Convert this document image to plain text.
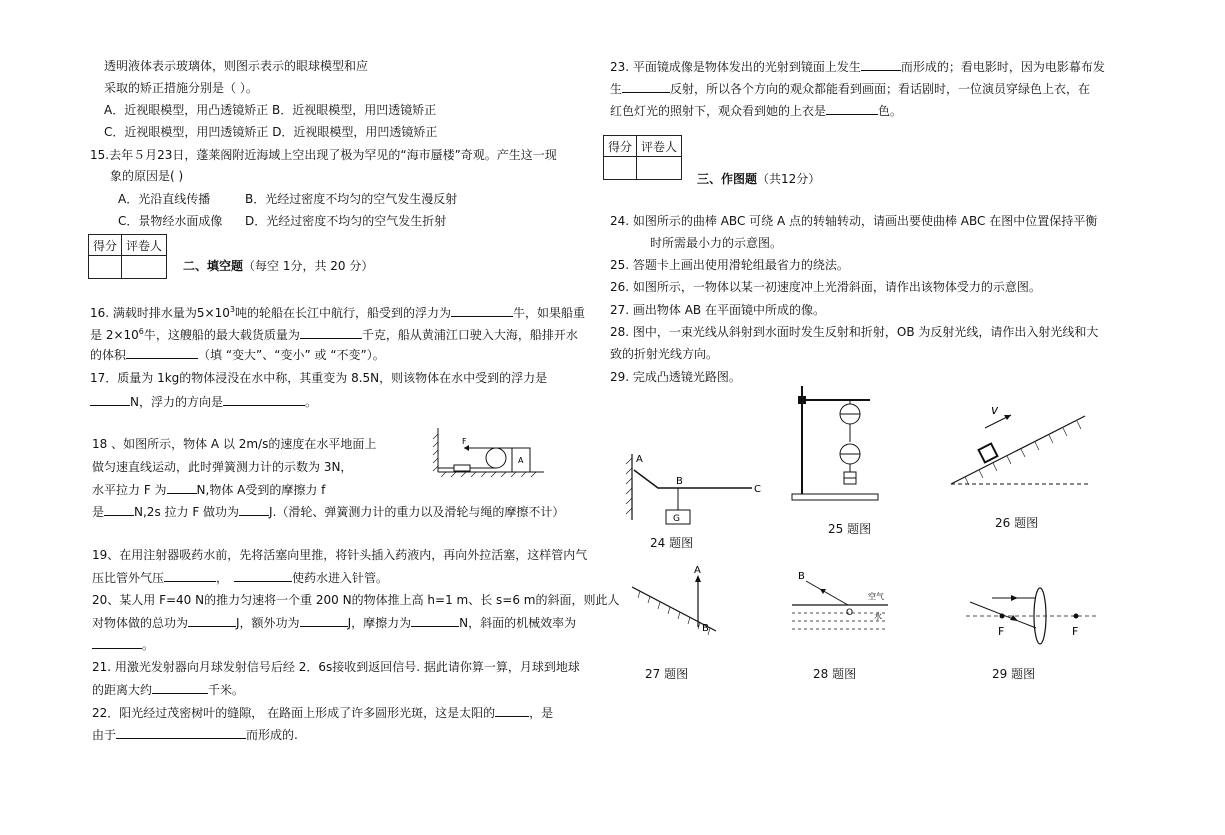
透明液体表示玻璃体，则图示表示的眼球模型和应
采取的矫正措施分别是（ ）。
A．近视眼模型，用凸透镜矫正 B．近视眼模型，用凹透镜矫正
C．近视眼模型，用凹透镜矫正 D．近视眼模型，用凹透镜矫正
15.去年５月23日，蓬莱阁附近海域上空出现了极为罕见的“海市蜃楼”奇观。产生这一现
象的原因是( )
A．光沿直线传播	B．光经过密度不均匀的空气发生漫反射
C．景物经水面成像 D．光经过密度不均匀的空气发生折射
得分	评卷人

二、填空题（每空 1分，共 20 分）
16. 满载时排水量为$5\times 10^3$吨的轮船在长江中航行，船受到的浮力为	牛，如果船重
是 $2\times 10^6$牛，这艘船的最大载货质量为	千克，船从黄浦江口驶入大海，船排开水
的体积	（填 “变大”、“变小” 或 “不变”）。
17．质量为 1kg的物体浸没在水中称，其重变为 8.5N，则该物体在水中受到的浮力是
N，浮力的方向是	。
18 、如图所示，物体 A 以 2m/s的速度在水平地面上
做匀速直线运动，此时弹簧测力计的示数为 3N，
水平拉力 F 为	N,物体 A受到的摩擦力 f
是	N,2s 拉力 F 做功为	J.（滑轮、弹簧测力计的重力以及滑轮与绳的摩擦不计）
F
A
19、在用注射器吸药水前，先将活塞向里推，将针头插入药液内，再向外拉活塞，这样管内气
压比管外气压	，	使药水进入针管。
20、某人用 F=40 N的推力匀速将一个重 200 N的物体推上高 h=1 m、长 s=6 m的斜面，则此人
对物体做的总功为	J，额外功为	J，摩擦力为	N，斜面的机械效率为
。
21. 用激光发射器向月球发射信号后经 2．6s接收到返回信号. 据此请你算一算，月球到地球
的距离大约	千米。
22．阳光经过茂密树叶的缝隙， 在路面上形成了许多圆形光斑，这是太阳的	，是
由于	而形成的.
23. 平面镜成像是物体发出的光射到镜面上发生	而形成的；看电影时，因为电影幕布发
生	反射，所以各个方向的观众都能看到画面；看话剧时，一位演员穿绿色上衣，在
红色灯光的照射下，观众看到她的上衣是	色。
得分	评卷人

三、作图题（共12分）
24. 如图所示的曲棒 ABC 可绕 A 点的转轴转动，请画出要使曲棒 ABC 在图中位置保持平衡
时所需最小力的示意图。
25. 答题卡上画出使用滑轮组最省力的绕法。
26. 如图所示，一物体以某一初速度冲上光滑斜面，请作出该物体受力的示意图。
27. 画出物体 AB 在平面镜中所成的像。
28. 图中，一束光线从斜射到水面时发生反射和折射，OB 为反射光线，请作出入射光线和大
致的折射光线方向。
29. 完成凸透镜光路图。
A
B
C
G
24 题图
25 题图
v
26 题图
A
B
27 题图
B
O
空气
水
28 题图
F	F
29 题图
